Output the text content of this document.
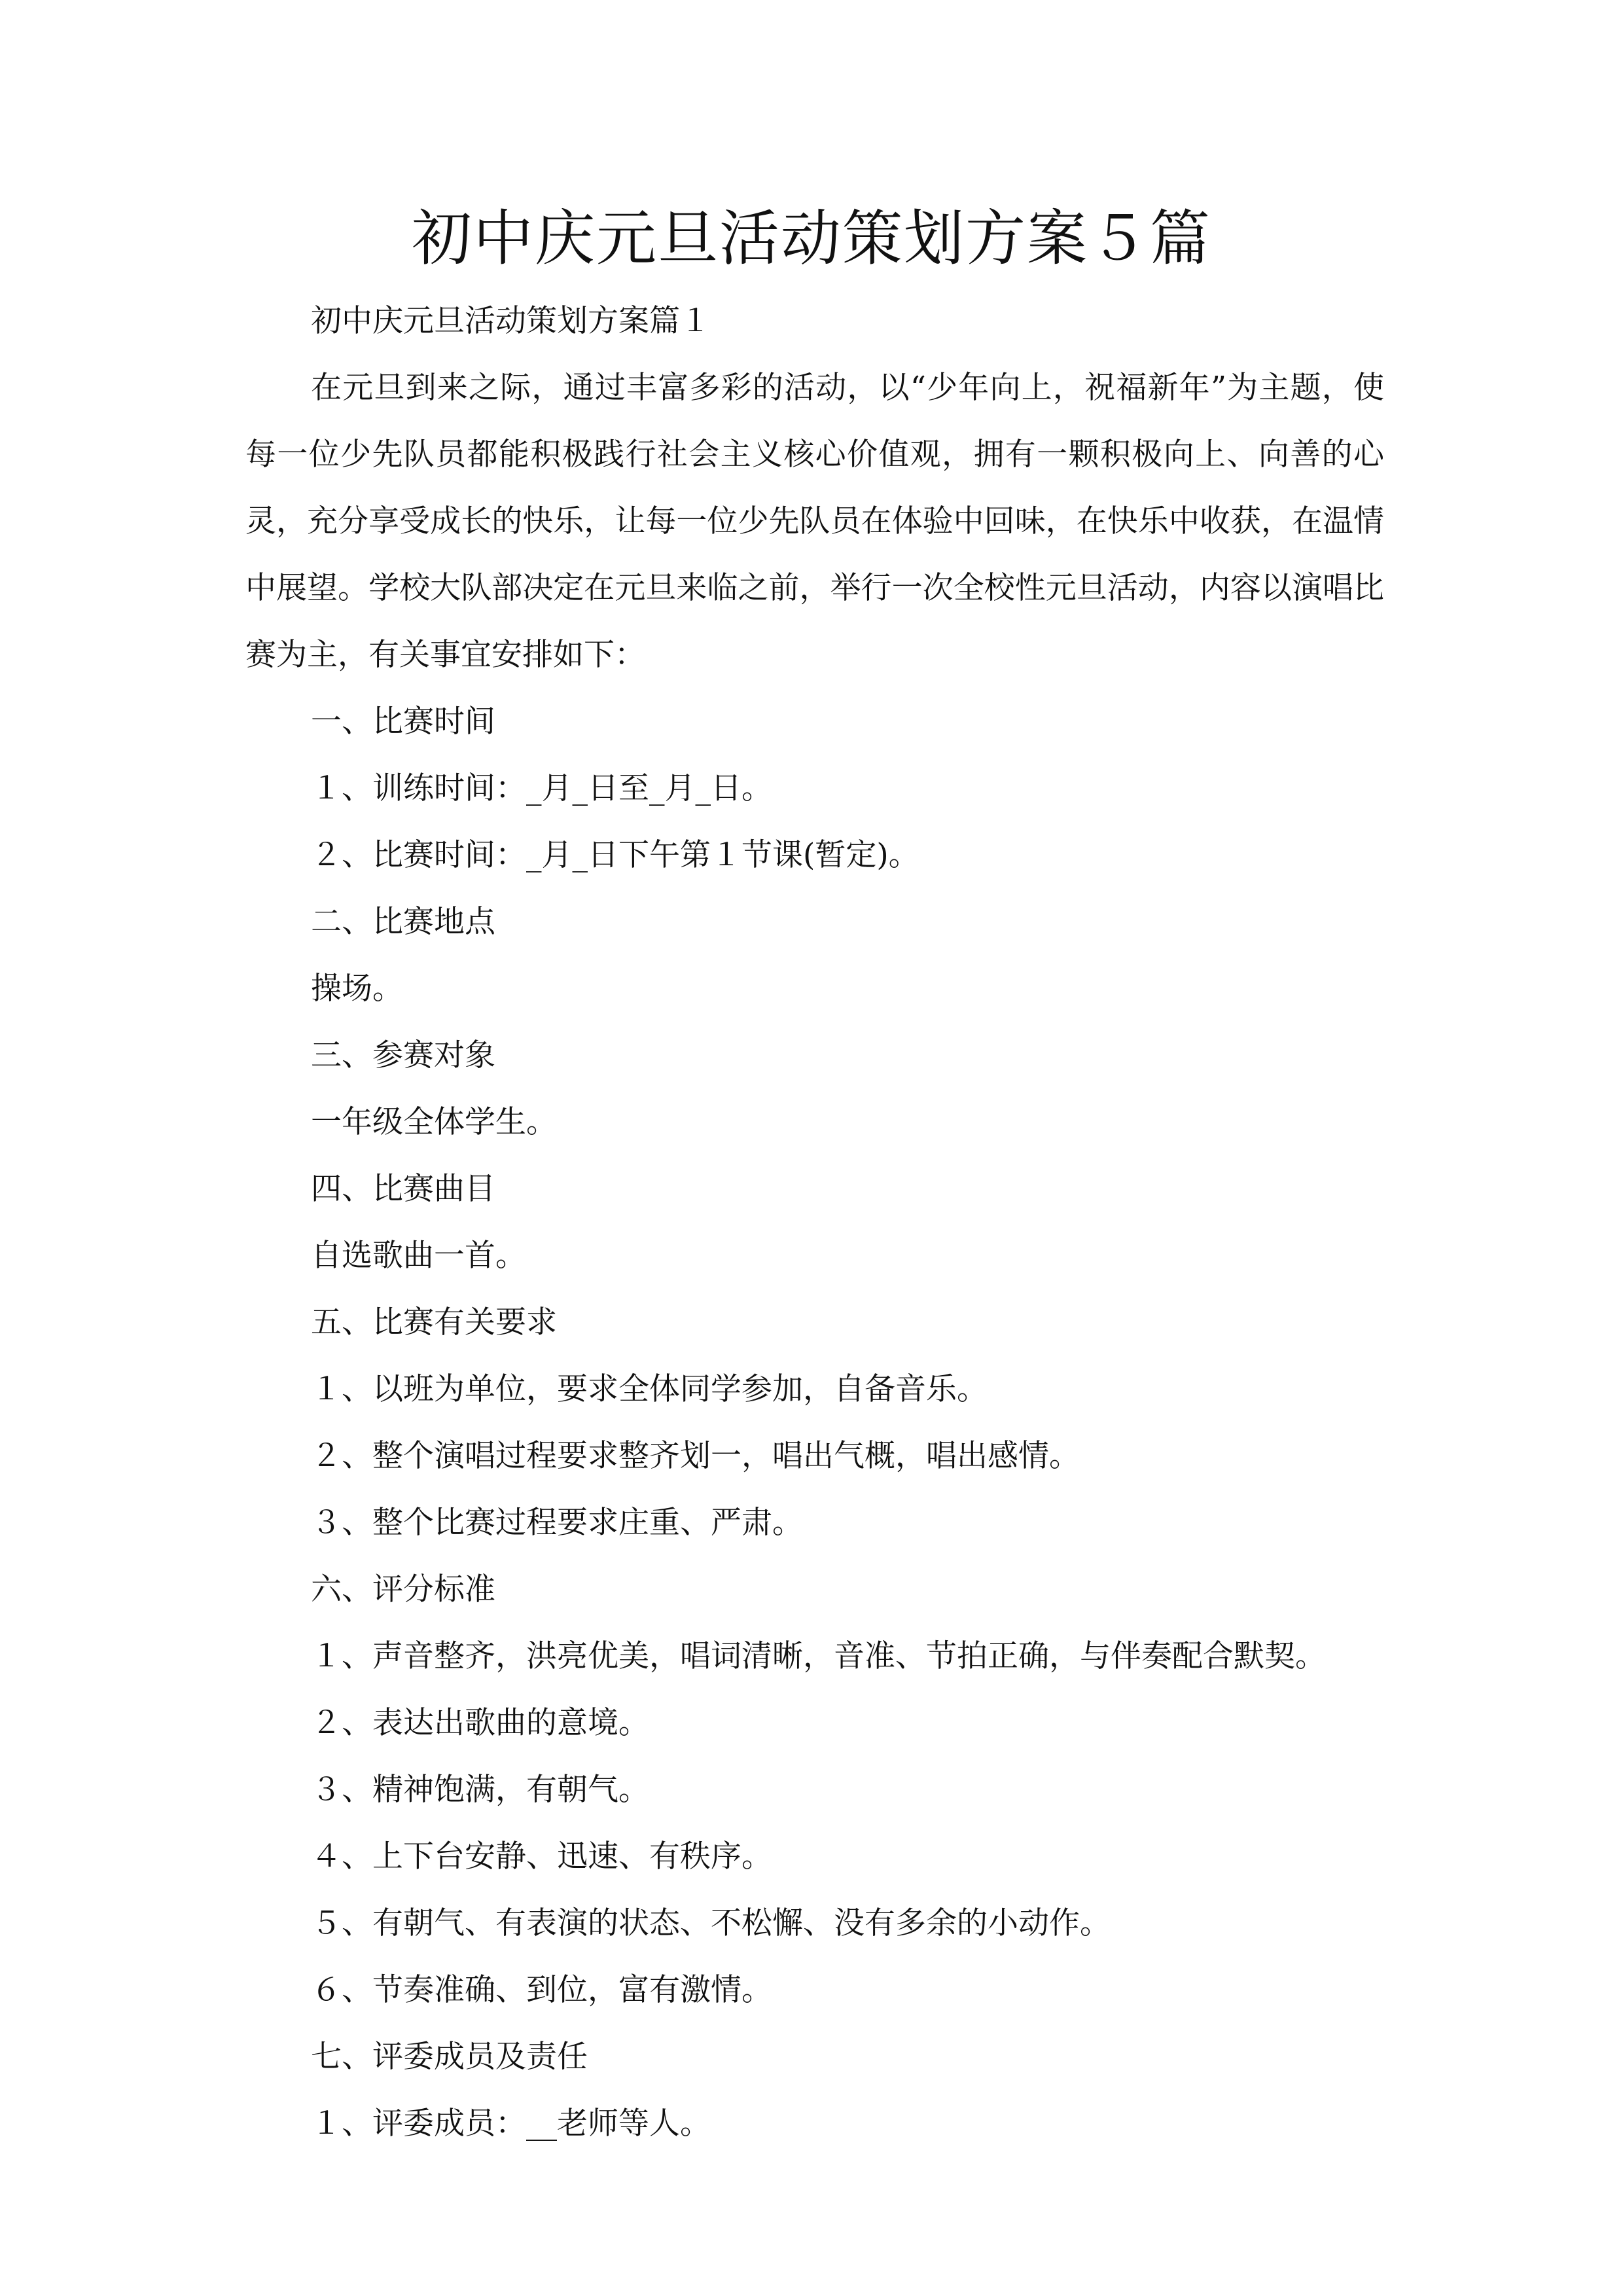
初中庆元旦活动策划方案５篇

初中庆元旦活动策划方案篇１

在元旦到来之际，通过丰富多彩的活动，以“少年向上，祝福新年”为主题，使每一位少先队员都能积极践行社会主义核心价值观，拥有一颗积极向上、向善的心灵，充分享受成长的快乐，让每一位少先队员在体验中回味，在快乐中收获，在温情中展望。学校大队部决定在元旦来临之前，举行一次全校性元旦活动，内容以演唱比赛为主，有关事宜安排如下：

一、比赛时间

１、训练时间：_月_日至_月_日。

２、比赛时间：_月_日下午第１节课(暂定)。

二、比赛地点

操场。

三、参赛对象

一年级全体学生。

四、比赛曲目

自选歌曲一首。

五、比赛有关要求

１、以班为单位，要求全体同学参加，自备音乐。

２、整个演唱过程要求整齐划一，唱出气概，唱出感情。

３、整个比赛过程要求庄重、严肃。

六、评分标准

１、声音整齐，洪亮优美，唱词清晰，音准、节拍正确，与伴奏配合默契。

２、表达出歌曲的意境。

３、精神饱满，有朝气。

４、上下台安静、迅速、有秩序。

５、有朝气、有表演的状态、不松懈、没有多余的小动作。

６、节奏准确、到位，富有激情。

七、评委成员及责任

１、评委成员：__老师等人。
